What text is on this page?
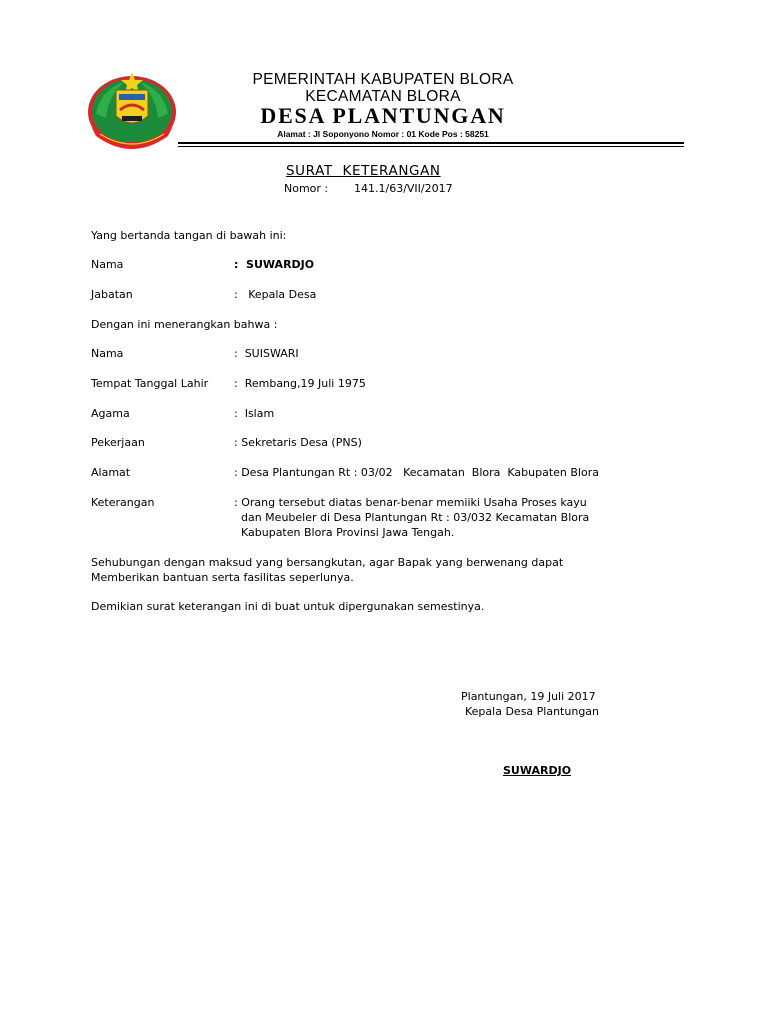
PEMERINTAH KABUPATEN BLORA
KECAMATAN BLORA
DESA PLANTUNGAN
Alamat : Jl Soponyono Nomor : 01 Kode Pos : 58251
SURAT  KETERANGAN
Nomor : 141.1/63/VII/2017
Yang bertanda tangan di bawah ini:
Nama	:  SUWARDJO
Jabatan	:   Kepala Desa
Dengan ini menerangkan bahwa :
Nama	:  SUISWARI
Tempat Tanggal Lahir :  Rembang,19 Juli 1975
Agama	:  Islam
Pekerjaan	: Sekretaris Desa (PNS)
Alamat	: Desa Plantungan Rt : 03/02   Kecamatan  Blora  Kabupaten Blora
Keterangan	: Orang tersebut diatas benar-benar memiiki Usaha Proses kayu
dan Meubeler di Desa Plantungan Rt : 03/032 Kecamatan Blora
Kabupaten Blora Provinsi Jawa Tengah.
Sehubungan dengan maksud yang bersangkutan, agar Bapak yang berwenang dapat
Memberikan bantuan serta fasilitas seperlunya.
Demikian surat keterangan ini di buat untuk dipergunakan semestinya.
Plantungan, 19 Juli 2017
Kepala Desa Plantungan
SUWARDJO
